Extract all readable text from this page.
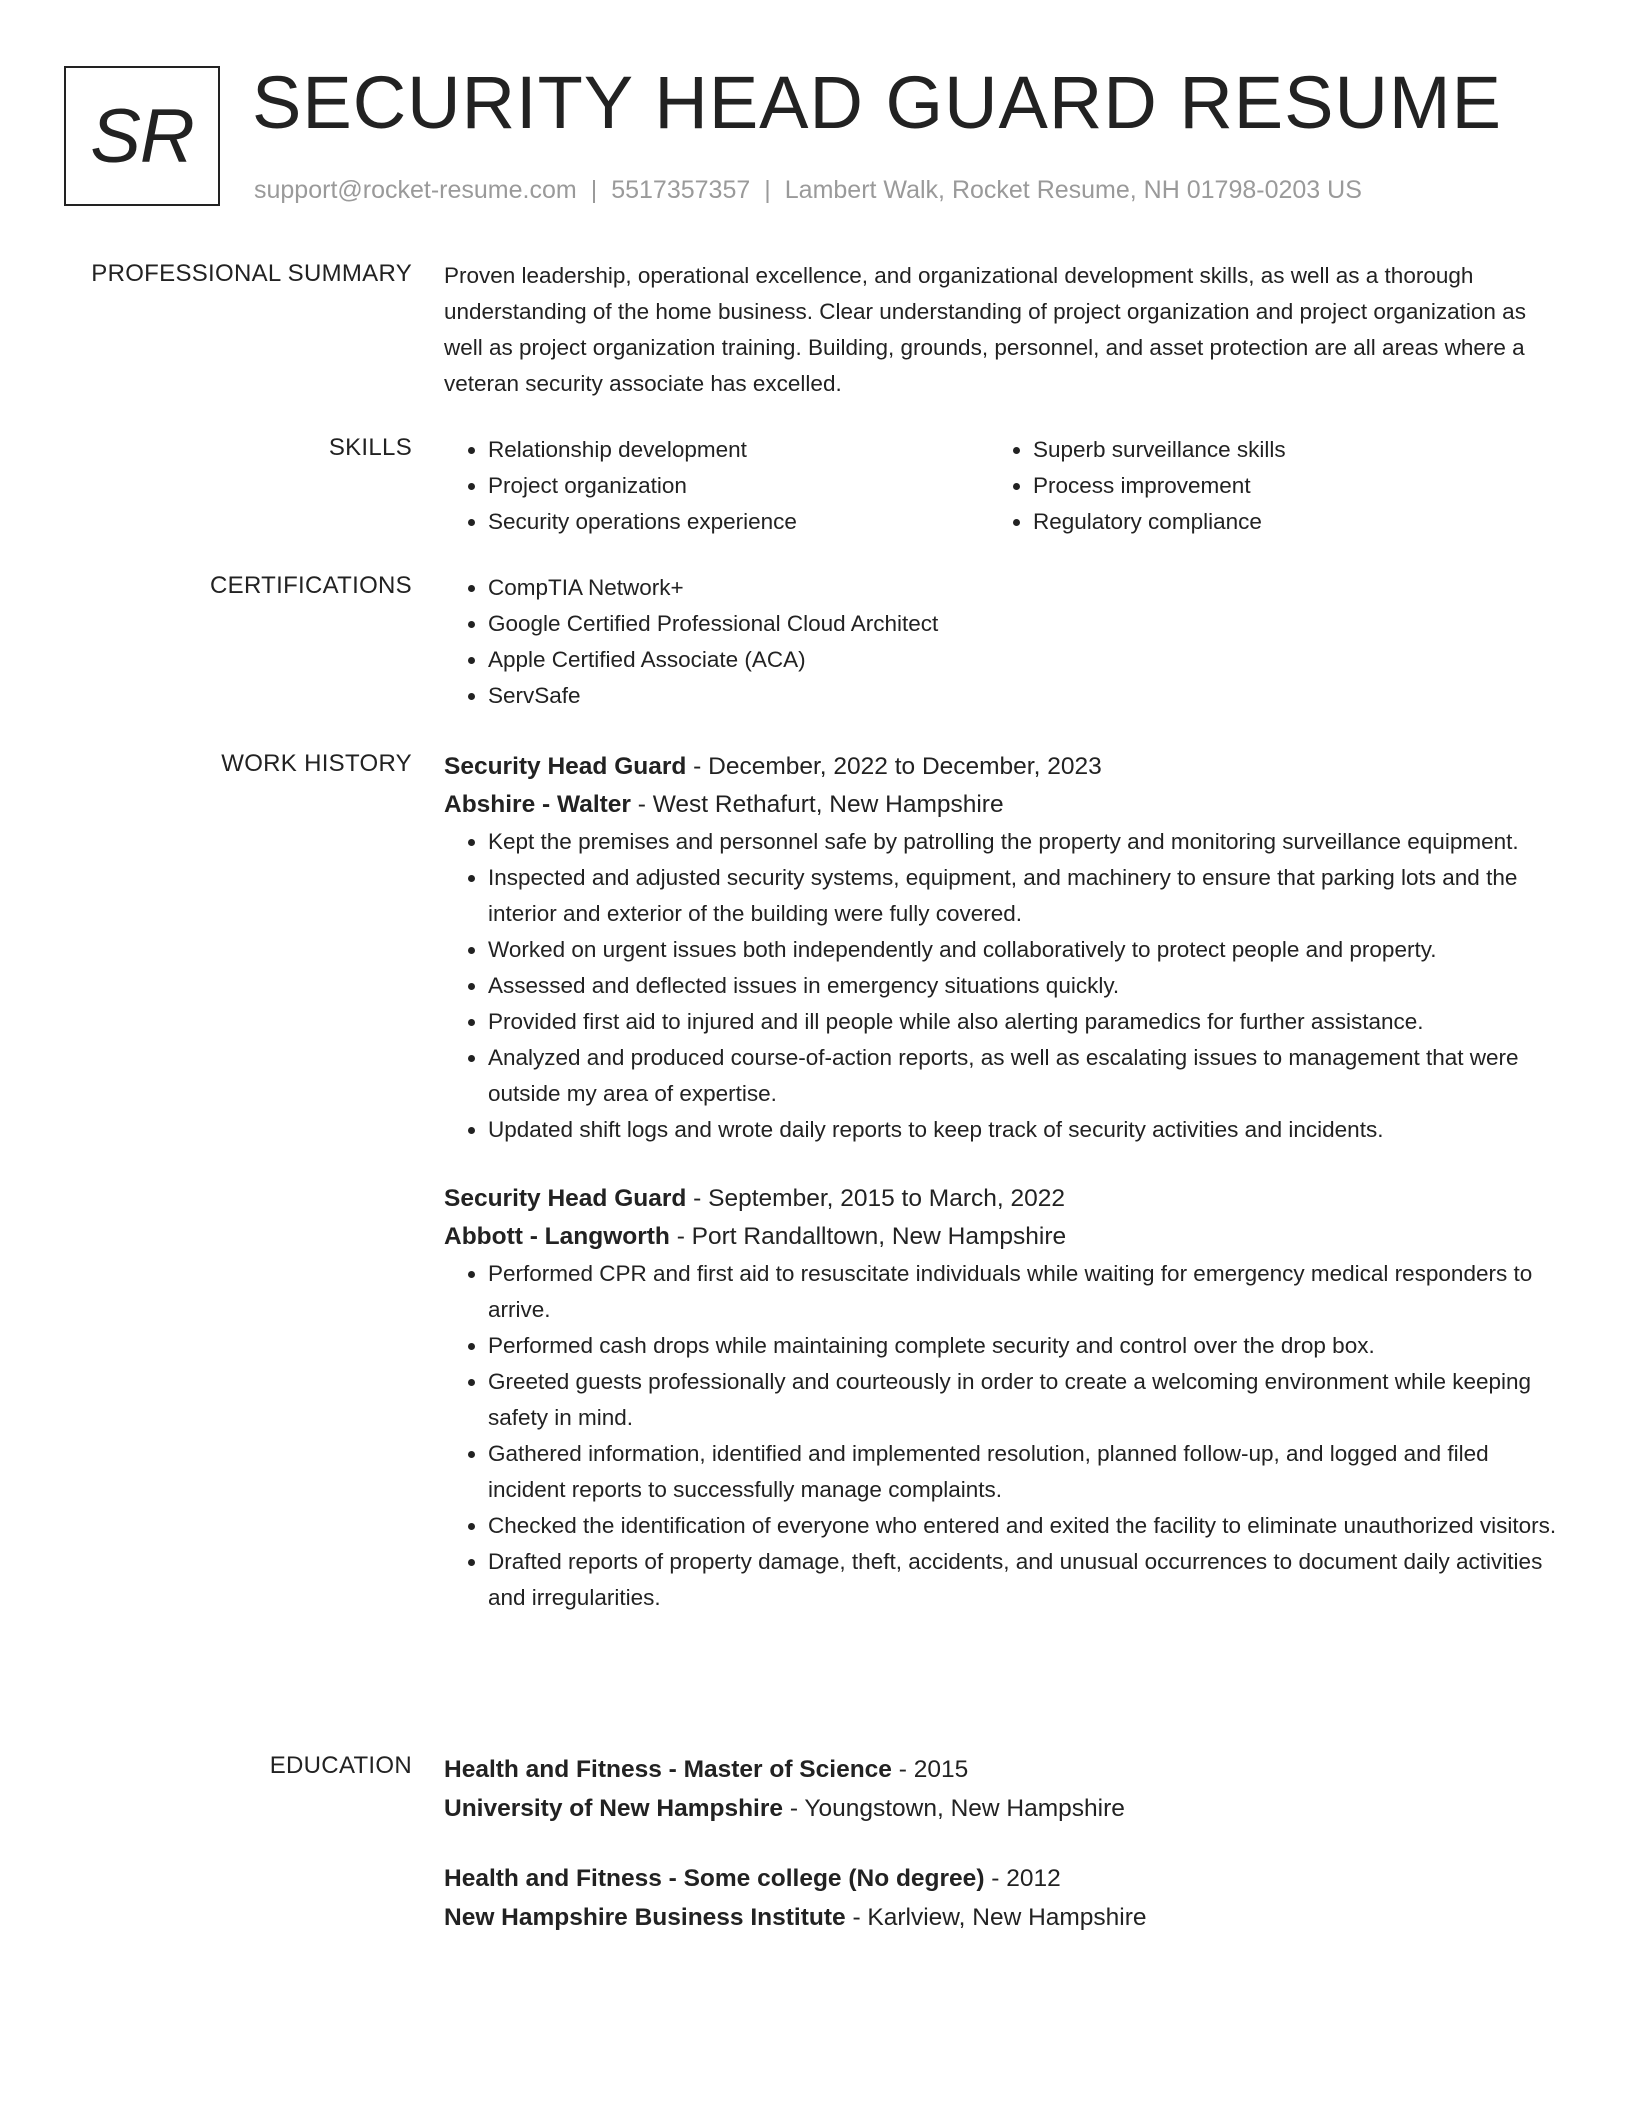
SR SECURITY HEAD GUARD RESUME
support@rocket-resume.com | 5517357357 | Lambert Walk, Rocket Resume, NH 01798-0203 US
PROFESSIONAL SUMMARY Proven leadership, operational excellence, and organizational development skills, as well as a thorough understanding of the home business. Clear understanding of project organization and project organization as well as project organization training. Building, grounds, personnel, and asset protection are all areas where a veteran security associate has excelled.

SKILLS	• Relationship development
• Project organization
• Security operations experience
• Superb surveillance skills
• Process improvement
• Regulatory compliance
CERTIFICATIONS	• CompTIA Network+
• Google Certified Professional Cloud Architect
• Apple Certified Associate (ACA)
• ServSafe
WORK HISTORY Security Head Guard - December, 2022 to December, 2023
Abshire - Walter - West Rethafurt, New Hampshire
• Kept the premises and personnel safe by patrolling the property and monitoring surveillance equipment.
• Inspected and adjusted security systems, equipment, and machinery to ensure that parking lots and the interior and exterior of the building were fully covered.
• Worked on urgent issues both independently and collaboratively to protect people and property.
• Assessed and deflected issues in emergency situations quickly.
• Provided first aid to injured and ill people while also alerting paramedics for further assistance.
• Analyzed and produced course-of-action reports, as well as escalating issues to management that were outside my area of expertise.
• Updated shift logs and wrote daily reports to keep track of security activities and incidents.
Security Head Guard - September, 2015 to March, 2022
Abbott - Langworth - Port Randalltown, New Hampshire
• Performed CPR and first aid to resuscitate individuals while waiting for emergency medical responders to arrive.
• Performed cash drops while maintaining complete security and control over the drop box.
• Greeted guests professionally and courteously in order to create a welcoming environment while keeping safety in mind.
• Gathered information, identified and implemented resolution, planned follow-up, and logged and filed incident reports to successfully manage complaints.
• Checked the identification of everyone who entered and exited the facility to eliminate unauthorized visitors.
• Drafted reports of property damage, theft, accidents, and unusual occurrences to document daily activities and irregularities.
EDUCATION Health and Fitness - Master of Science - 2015
University of New Hampshire - Youngstown, New Hampshire
Health and Fitness - Some college (No degree) - 2012
New Hampshire Business Institute - Karlview, New Hampshire
